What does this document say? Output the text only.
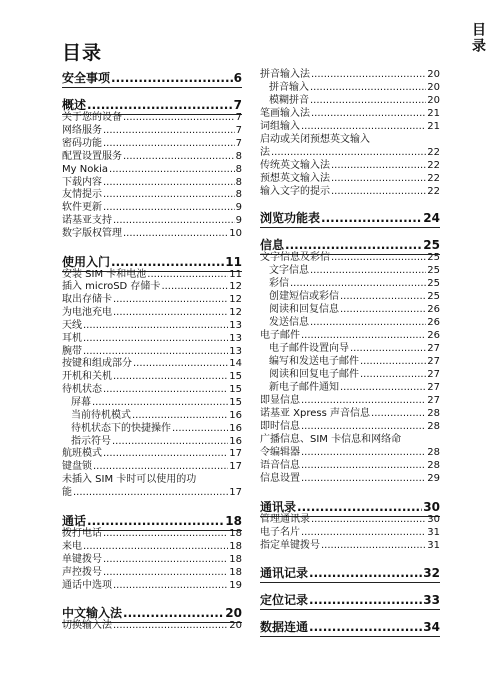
目录	目录
安全事项 .....	6
概述 .....	7
关于您的设备 .....	7
网络服务 .....	7
密码功能 .....	7
配置设置服务 .....	8
My Nokia .....	8
下载内容 .....	8
友情提示 .....	8
软件更新 .....	9
诺基亚支持 .....	9
数字版权管理 .....	10
使用入门 .....	11
安装 SIM 卡和电池 .....	11
插入 microSD 存储卡 .....	12
取出存储卡 .....	12
为电池充电 .....	12
天线 .....	13
耳机 .....	13
腕带 .....	13
按键和组成部分 .....	14
开机和关机 .....	15
待机状态 .....	15
屏幕 .....	15
当前待机模式 .....	16
待机状态下的快捷操作 .....	16
指示符号 .....	16
航班模式 .....	17
键盘锁 .....	17
未插入 SIM 卡时可以使用的功
能 .....	17
通话 .....	18
拨打电话 .....	18
来电 .....	18
单键拨号 .....	18
声控拨号 .....	18
通话中选项 .....	19
中文输入法 .....	20
切换输入法 .....	20
拼音输入法 .....	20
拼音输入 .....	20
模糊拼音 .....	20
笔画输入法 .....	21
词组输入 .....	21
启动或关闭预想英文输入
法 .....	22
传统英文输入法 .....	22
预想英文输入法 .....	22
输入文字的提示 .....	22
浏览功能表 .....	24
信息 .....	25
文字信息及彩信 .....	25
文字信息 .....	25
彩信 .....	25
创建短信或彩信 .....	25
阅读和回复信息 .....	26
发送信息 .....	26
电子邮件 .....	26
电子邮件设置向导 .....	27
编写和发送电子邮件 .....	27
阅读和回复电子邮件 .....	27
新电子邮件通知 .....	27
即显信息 .....	27
诺基亚 Xpress 声音信息 .....	28
即时信息 .....	28
广播信息、SIM 卡信息和网络命
令编辑器 .....	28
语音信息 .....	28
信息设置 .....	29
通讯录 .....	30
管理通讯录 .....	30
电子名片 .....	31
指定单键拨号 .....	31
通讯记录 .....	32
定位记录 .....	33
数据连通 .....	34
